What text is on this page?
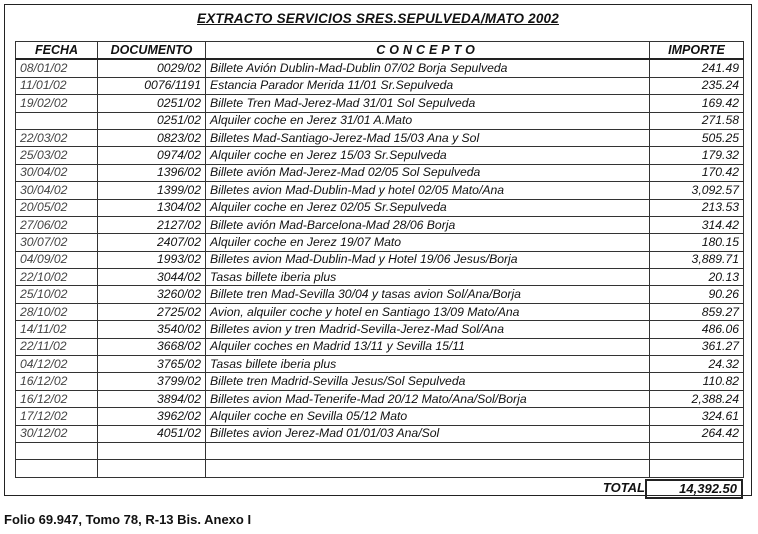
EXTRACTO SERVICIOS SRES.SEPULVEDA/MATO 2002
FECHA	DOCUMENTO	CONCEPTO	IMPORTE
08/01/02	0029/02	Billete Avión Dublin-Mad-Dublin 07/02 Borja Sepulveda	241.49
11/01/02	0076/1191	Estancia Parador Merida 11/01 Sr.Sepulveda	235.24
19/02/02	0251/02	Billete Tren Mad-Jerez-Mad 31/01 Sol Sepulveda	169.42
	0251/02	Alquiler coche en Jerez 31/01 A.Mato	271.58
22/03/02	0823/02	Billetes Mad-Santiago-Jerez-Mad 15/03 Ana y Sol	505.25
25/03/02	0974/02	Alquiler coche en Jerez 15/03 Sr.Sepulveda	179.32
30/04/02	1396/02	Billete avión Mad-Jerez-Mad 02/05 Sol Sepulveda	170.42
30/04/02	1399/02	Billetes avion Mad-Dublin-Mad y hotel 02/05 Mato/Ana	3,092.57
20/05/02	1304/02	Alquiler coche en Jerez 02/05 Sr.Sepulveda	213.53
27/06/02	2127/02	Billete avión Mad-Barcelona-Mad 28/06 Borja	314.42
30/07/02	2407/02	Alquiler coche en Jerez 19/07 Mato	180.15
04/09/02	1993/02	Billetes avion Mad-Dublin-Mad y Hotel 19/06 Jesus/Borja	3,889.71
22/10/02	3044/02	Tasas billete iberia plus	20.13
25/10/02	3260/02	Billete tren Mad-Sevilla 30/04 y tasas avion Sol/Ana/Borja	90.26
28/10/02	2725/02	Avion, alquiler coche y hotel en Santiago 13/09 Mato/Ana	859.27
14/11/02	3540/02	Billetes avion y tren Madrid-Sevilla-Jerez-Mad Sol/Ana	486.06
22/11/02	3668/02	Alquiler coches en Madrid 13/11 y Sevilla 15/11	361.27
04/12/02	3765/02	Tasas billete iberia plus	24.32
16/12/02	3799/02	Billete tren Madrid-Sevilla Jesus/Sol Sepulveda	110.82
16/12/02	3894/02	Billetes avion Mad-Tenerife-Mad 20/12 Mato/Ana/Sol/Borja	2,388.24
17/12/02	3962/02	Alquiler coche en Sevilla 05/12 Mato	324.61
30/12/02	4051/02	Billetes avion Jerez-Mad 01/01/03 Ana/Sol	264.42

TOTAL	14,392.50
Folio 69.947, Tomo 78, R-13 Bis. Anexo I
